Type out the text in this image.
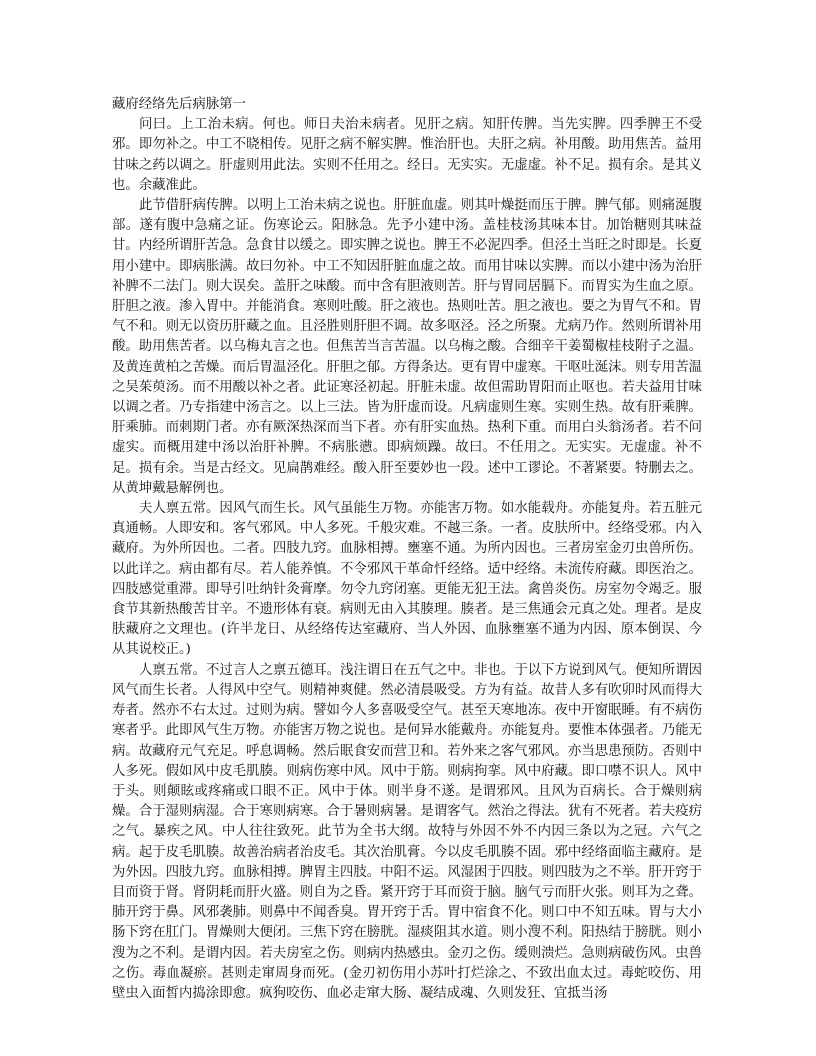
藏府经络先后病脉第一

问曰。上工治未病。何也。师日夫治未病者。见肝之病。知肝传脾。当先实脾。四季脾王不受邪。即勿补之。中工不晓相传。见肝之病不解实脾。惟治肝也。夫肝之病。补用酸。助用焦苦。益用甘味之药以调之。肝虚则用此法。实则不任用之。经日。无实实。无虚虚。补不足。损有余。是其义也。余藏准此。

此节借肝病传脾。以明上工治未病之说也。肝脏血虚。则其叶燥挺而压于脾。脾气郁。则痛涎腹部。遂有腹中急痛之证。伤寒论云。阳脉急。先予小建中汤。盖桂枝汤其味本甘。加饴糖则其味益甘。内经所谓肝苦急。急食甘以缓之。即实脾之说也。脾王不必泥四季。但泾土当旺之时即是。长夏用小建中。即病胀满。故曰勿补。中工不知因肝脏血虚之故。而用甘味以实脾。而以小建中汤为治肝补脾不二法门。则大误矣。盖肝之味酸。而中含有胆液则苦。肝与胃同居膈下。而胃实为生血之原。肝胆之液。渗入胃中。并能消食。寒则吐酸。肝之液也。热则吐苦。胆之液也。要之为胃气不和。胃气不和。则无以资历肝藏之血。且泾胜则肝胆不调。故多呕泾。泾之所聚。尤病乃作。然则所谓补用酸。助用焦苦者。以乌梅丸言之也。但焦苦当言苦温。以乌梅之酸。合细辛干姜蜀椒桂枝附子之温。及黄连黄柏之苦燥。而后胃温泾化。肝胆之郁。方得条达。更有胃中虚寒。干呕吐涎沫。则专用苦温之吴茱萸汤。而不用酸以补之者。此证寒泾初起。肝脏未虚。故但需助胃阳而止呕也。若夫益用甘味以调之者。乃专指建中汤言之。以上三法。皆为肝虚而设。凡病虚则生寒。实则生热。故有肝乘脾。肝乘肺。而刺期门者。亦有厥深热深而当下者。亦有肝实血热。热利下重。而用白头翁汤者。若不问虚实。而概用建中汤以治肝补脾。不病胀懑。即病烦躁。故曰。不任用之。无实实。无虚虚。补不足。损有余。当是古经文。见扁鹊难经。酸入肝至要妙也一段。述中工谬论。不著紧要。特删去之。从黄坤戴悬解例也。

夫人禀五常。因风气而生长。风气虽能生万物。亦能害万物。如水能载舟。亦能复舟。若五脏元真通畅。人即安和。客气邪风。中人多死。千般灾难。不越三条。一者。皮肤所中。经络受邪。内入藏府。为外所因也。二者。四肢九窍。血脉相搏。壅塞不通。为所内因也。三者房室金刃虫兽所伤。以此详之。病由都有尽。若人能养慎。不令邪风干革命忏经络。适中经络。未流传府藏。即医治之。四肢感觉重滞。即导引吐纳针灸膏摩。勿令九窍闭塞。更能无犯王法。禽兽炎伤。房室勿令竭乏。服食节其新热酸苦甘辛。不遗形体有衰。病则无由入其腠理。腠者。是三焦通会元真之处。理者。是皮肤藏府之文理也。(许半龙日、从经络传达室藏府、当人外因、血脉壅塞不通为内因、原本倒误、今从其说校正。)

人禀五常。不过言人之禀五德耳。浅注谓日在五气之中。非也。于以下方说到风气。便知所谓因风气而生长者。人得风中空气。则精神爽健。然必清晨吸受。方为有益。故昔人多有吹卯时风而得大寿者。然亦不右太过。过则为病。譬如今人多喜吸受空气。甚至天寒地冻。夜中开窗眠睡。有不病伤寒者乎。此即风气生万物。亦能害万物之说也。是何异水能戴舟。亦能复舟。要惟本体强者。乃能无病。故藏府元气充足。呼息调畅。然后眠食安而营卫和。若外来之客气邪风。亦当思患预防。否则中人多死。假如风中皮毛肌腠。则病伤寒中风。风中于筋。则病拘挛。风中府藏。即口噤不识人。风中于头。则颠眩或疼痛或口眼不正。风中于体。则半身不遂。是谓邪风。且风为百病长。合于燥则病燥。合于湿则病湿。合于寒则病寒。合于暑则病暑。是谓客气。然治之得法。犹有不死者。若夫疫疠之气。暴疾之风。中人往往致死。此节为全书大纲。故特与外因不外不内因三条以为之冠。六气之病。起于皮毛肌腠。故善治病者治皮毛。其次治肌膏。今以皮毛肌腠不固。邪中经络面临主藏府。是为外因。四肢九窍。血脉相搏。脾胃主四肢。中阳不运。风湿困于四肢。则四肢为之不举。肝开窍于目而资于肾。肾阴耗而肝火盛。则自为之昏。紧开窍于耳而资于脑。脑气亏而肝火张。则耳为之聋。肺开窍于鼻。风邪袭肺。则鼻中不闻香臭。胃开窍于舌。胃中宿食不化。则口中不知五味。胃与大小肠下窍在肛门。胃燥则大便闭。三焦下窍在膀胱。湿痰阻其水道。则小溲不利。阳热结于膀胱。则小溲为之不利。是谓内因。若夫房室之伤。则病内热感虫。金刃之伤。缓则溃烂。急则病破伤风。虫兽之伤。毒血凝瘀。甚则走窜周身而死。(金刃初伤用小苏叶打烂涂之、不致出血太过。毒蛇咬伤、用壁虫入面皙内捣涂即愈。疯狗咬伤、血必走窜大肠、凝结成魂、久则发狂、宜抵当汤
